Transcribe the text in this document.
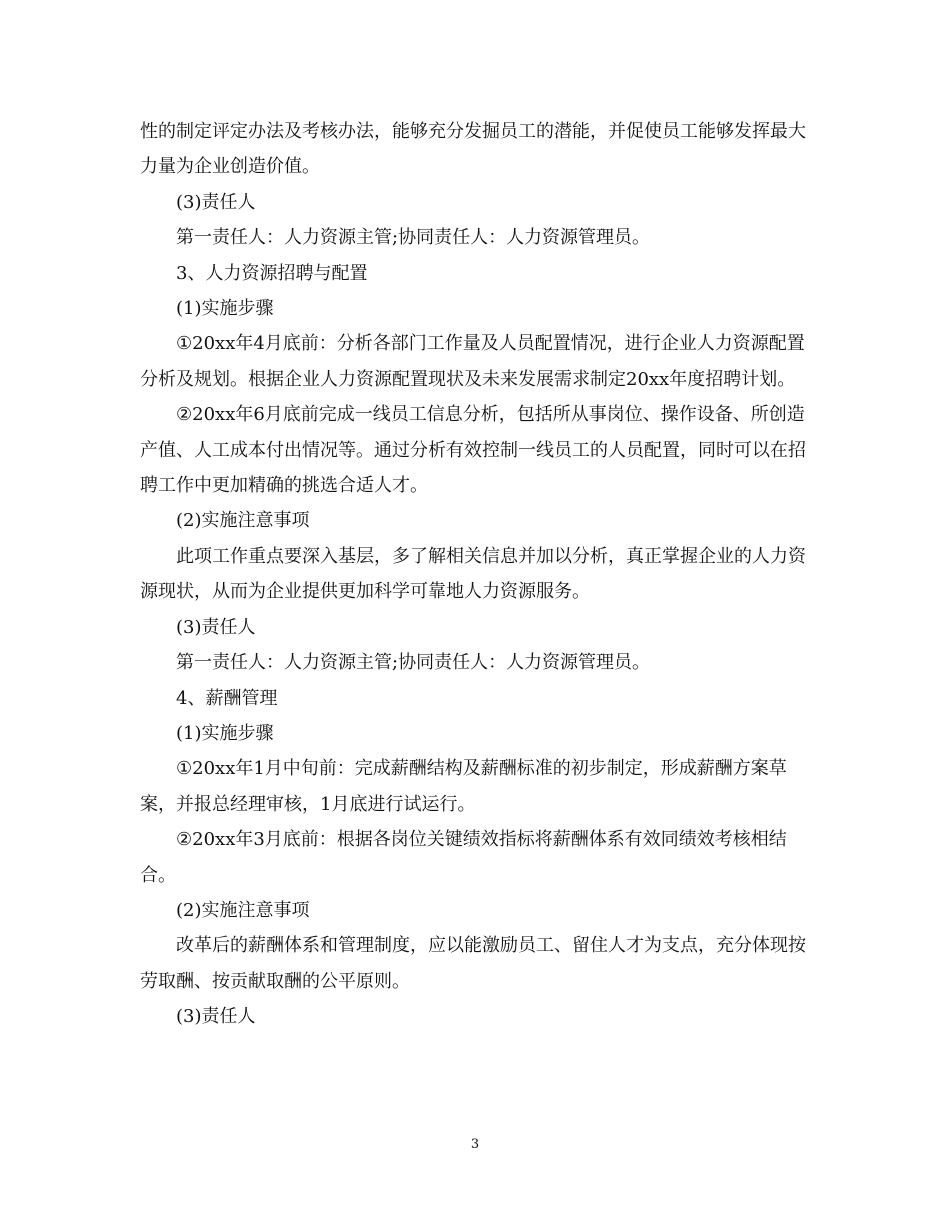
性的制定评定办法及考核办法，能够充分发掘员工的潜能，并促使员工能够发挥最大力量为企业创造价值。

(3)责任人

第一责任人：人力资源主管;协同责任人：人力资源管理员。

3、人力资源招聘与配置

(1)实施步骤

①20xx年4月底前：分析各部门工作量及人员配置情况，进行企业人力资源配置分析及规划。根据企业人力资源配置现状及未来发展需求制定20xx年度招聘计划。

②20xx年6月底前完成一线员工信息分析，包括所从事岗位、操作设备、所创造产值、人工成本付出情况等。通过分析有效控制一线员工的人员配置，同时可以在招聘工作中更加精确的挑选合适人才。

(2)实施注意事项

此项工作重点要深入基层，多了解相关信息并加以分析，真正掌握企业的人力资源现状，从而为企业提供更加科学可靠地人力资源服务。

(3)责任人

第一责任人：人力资源主管;协同责任人：人力资源管理员。

4、薪酬管理

(1)实施步骤

①20xx年1月中旬前：完成薪酬结构及薪酬标准的初步制定，形成薪酬方案草案，并报总经理审核，1月底进行试运行。

②20xx年3月底前：根据各岗位关键绩效指标将薪酬体系有效同绩效考核相结合。

(2)实施注意事项

改革后的薪酬体系和管理制度，应以能激励员工、留住人才为支点，充分体现按劳取酬、按贡献取酬的公平原则。

(3)责任人

3
